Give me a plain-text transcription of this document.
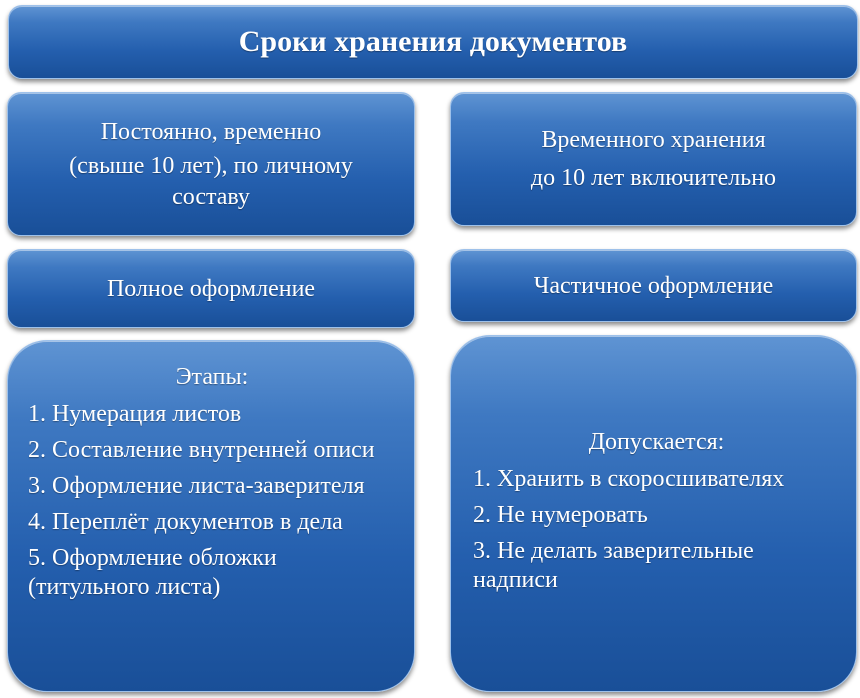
Сроки хранения документов
Постоянно, временно
(свыше 10 лет), по личному
составу
Временного хранения
до 10 лет включительно
Полное оформление	Частичное оформление
Этапы:
1. Нумерация листов
2. Составление внутренней описи
3. Оформление листа-заверителя
4. Переплёт документов в дела
5. Оформление обложки (титульного листа)
Допускается:
1. Хранить в скоросшивателях
2. Не нумеровать
3. Не делать заверительные надписи
